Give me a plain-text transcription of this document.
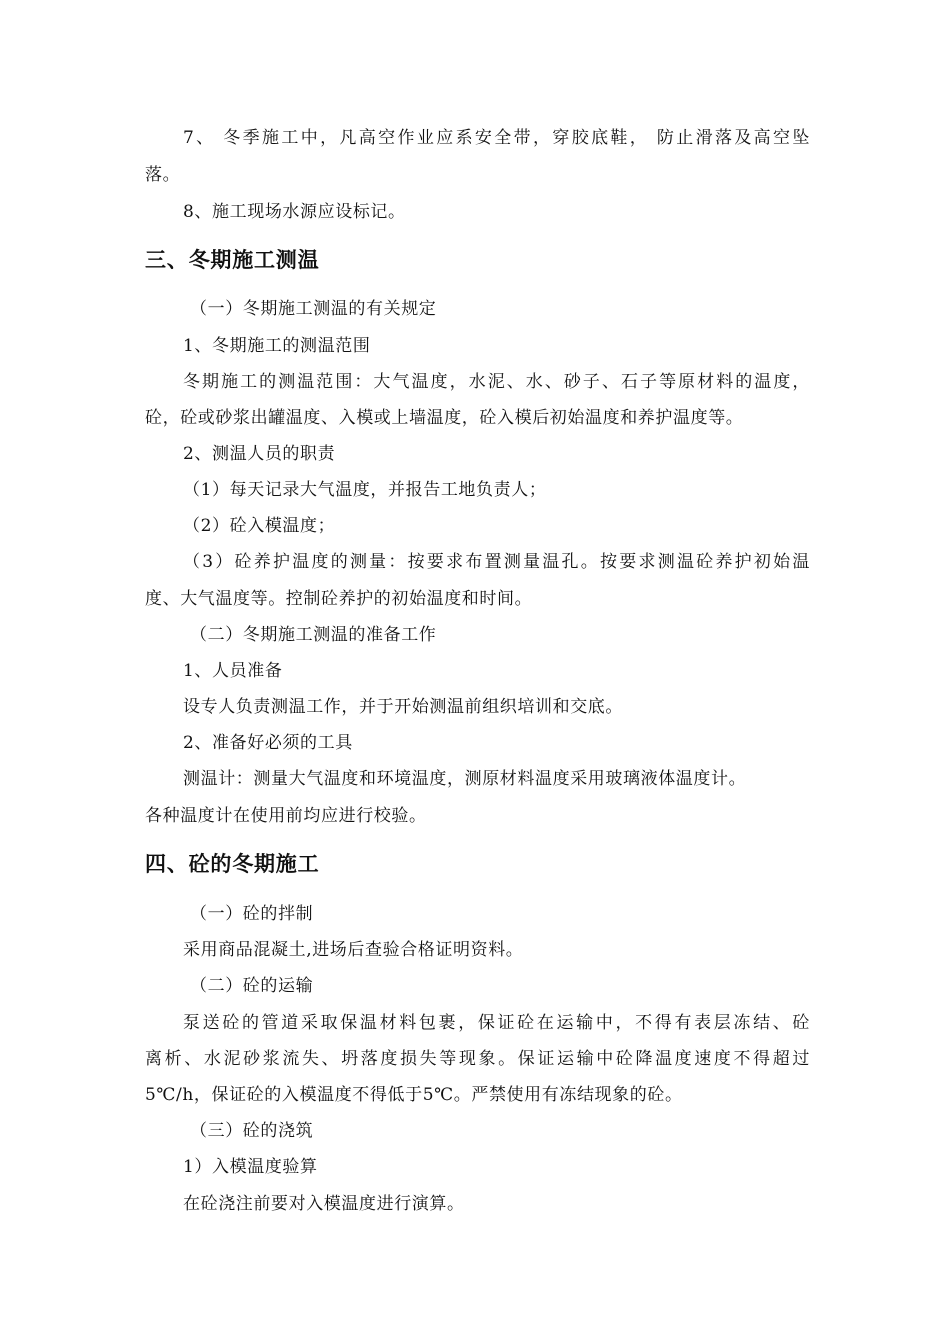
7、 冬季施工中，凡高空作业应系安全带，穿胶底鞋， 防止滑落及高空坠
落。
8、施工现场水源应设标记。
三、冬期施工测温
（一）冬期施工测温的有关规定
1、冬期施工的测温范围
冬期施工的测温范围：大气温度，水泥、水、砂子、石子等原材料的温度，
砼，砼或砂浆出罐温度、入模或上墙温度，砼入模后初始温度和养护温度等。
2、测温人员的职责
（1）每天记录大气温度，并报告工地负责人；
（2）砼入模温度；
（3）砼养护温度的测量：按要求布置测量温孔。按要求测温砼养护初始温
度、大气温度等。控制砼养护的初始温度和时间。
（二）冬期施工测温的准备工作
1、人员准备
设专人负责测温工作，并于开始测温前组织培训和交底。
2、准备好必须的工具
测温计：测量大气温度和环境温度，测原材料温度采用玻璃液体温度计。
各种温度计在使用前均应进行校验。
四、砼的冬期施工
（一）砼的拌制
采用商品混凝土,进场后查验合格证明资料。
（二）砼的运输
泵送砼的管道采取保温材料包裹，保证砼在运输中，不得有表层冻结、砼
离析、水泥砂浆流失、坍落度损失等现象。保证运输中砼降温度速度不得超过
5℃/h，保证砼的入模温度不得低于5℃。严禁使用有冻结现象的砼。
（三）砼的浇筑
1）入模温度验算
在砼浇注前要对入模温度进行演算。
